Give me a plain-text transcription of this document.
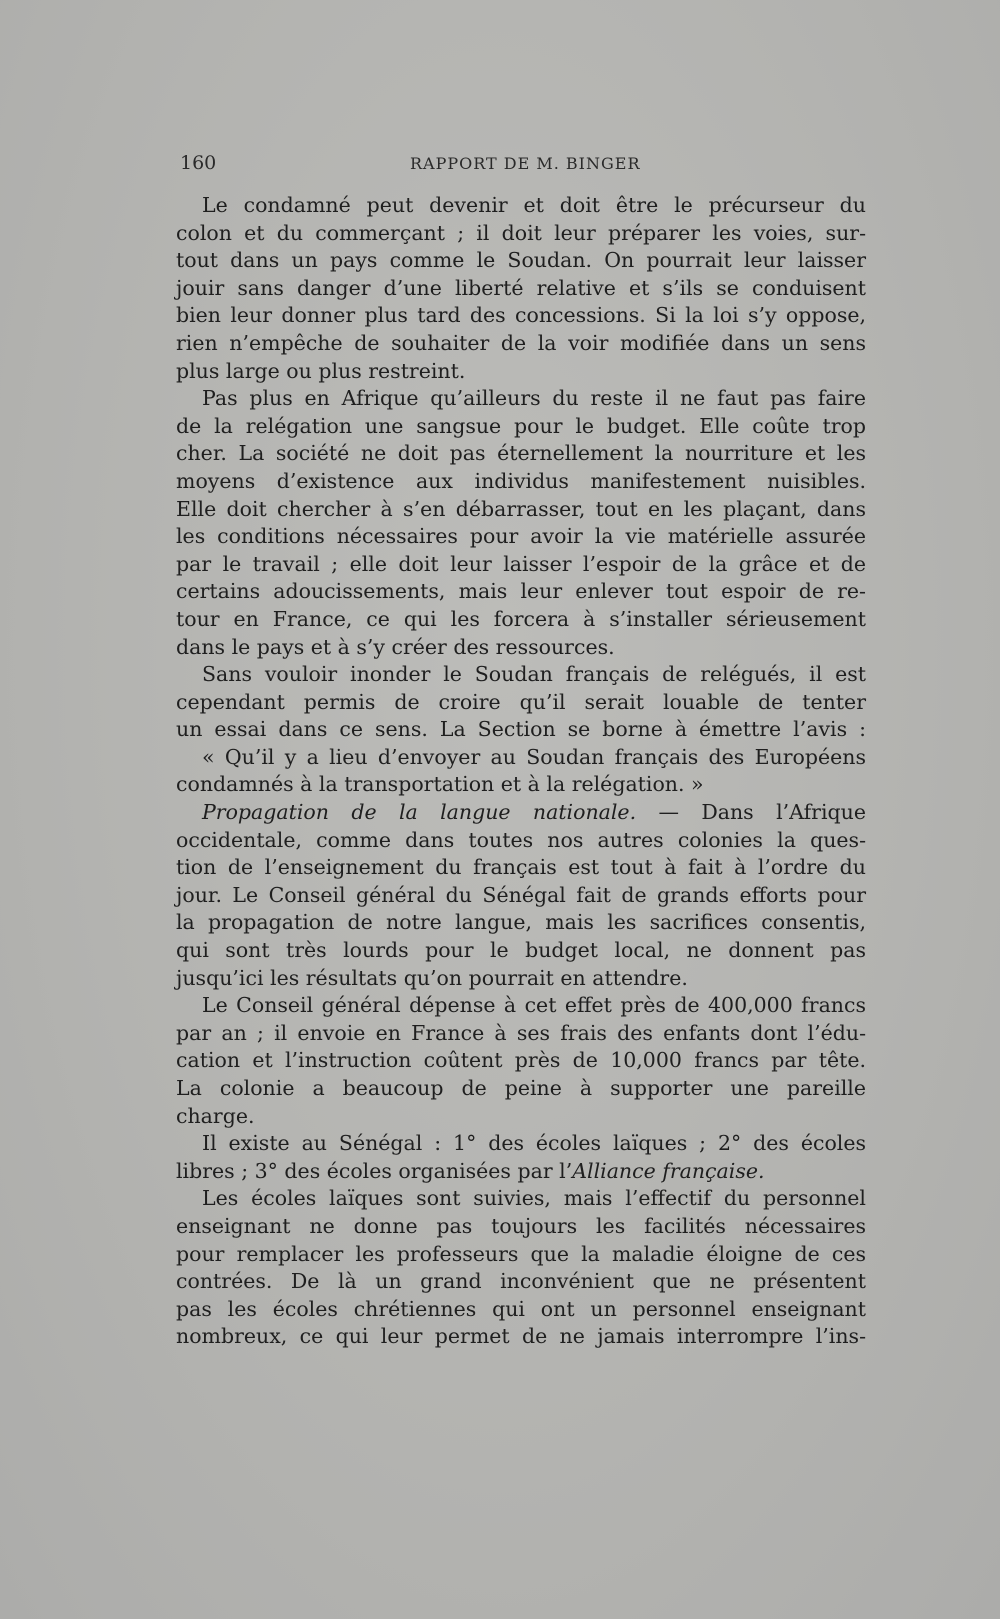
160	RAPPORT DE M. BINGER
Le condamné peut devenir et doit être le précurseur du
colon et du commerçant ; il doit leur préparer les voies, sur-
tout dans un pays comme le Soudan. On pourrait leur laisser
jouir sans danger d’une liberté relative et s’ils se conduisent
bien leur donner plus tard des concessions. Si la loi s’y oppose,
rien n’empêche de souhaiter de la voir modifiée dans un sens
plus large ou plus restreint.
Pas plus en Afrique qu’ailleurs du reste il ne faut pas faire
de la relégation une sangsue pour le budget. Elle coûte trop
cher. La société ne doit pas éternellement la nourriture et les
moyens d’existence aux individus manifestement nuisibles.
Elle doit chercher à s’en débarrasser, tout en les plaçant, dans
les conditions nécessaires pour avoir la vie matérielle assurée
par le travail ; elle doit leur laisser l’espoir de la grâce et de
certains adoucissements, mais leur enlever tout espoir de re-
tour en France, ce qui les forcera à s’installer sérieusement
dans le pays et à s’y créer des ressources.
Sans vouloir inonder le Soudan français de relégués, il est
cependant permis de croire qu’il serait louable de tenter
un essai dans ce sens. La Section se borne à émettre l’avis :
« Qu’il y a lieu d’envoyer au Soudan français des Européens
condamnés à la transportation et à la relégation. »
Propagation de la langue nationale. — Dans l’Afrique
occidentale, comme dans toutes nos autres colonies la ques-
tion de l’enseignement du français est tout à fait à l’ordre du
jour. Le Conseil général du Sénégal fait de grands efforts pour
la propagation de notre langue, mais les sacrifices consentis,
qui sont très lourds pour le budget local, ne donnent pas
jusqu’ici les résultats qu’on pourrait en attendre.
Le Conseil général dépense à cet effet près de 400,000 francs
par an ; il envoie en France à ses frais des enfants dont l’édu-
cation et l’instruction coûtent près de 10,000 francs par tête.
La colonie a beaucoup de peine à supporter une pareille
charge.
Il existe au Sénégal : 1° des écoles laïques ; 2° des écoles
libres ; 3° des écoles organisées par l’Alliance française.
Les écoles laïques sont suivies, mais l’effectif du personnel
enseignant ne donne pas toujours les facilités nécessaires
pour remplacer les professeurs que la maladie éloigne de ces
contrées. De là un grand inconvénient que ne présentent
pas les écoles chrétiennes qui ont un personnel enseignant
nombreux, ce qui leur permet de ne jamais interrompre l’ins-
